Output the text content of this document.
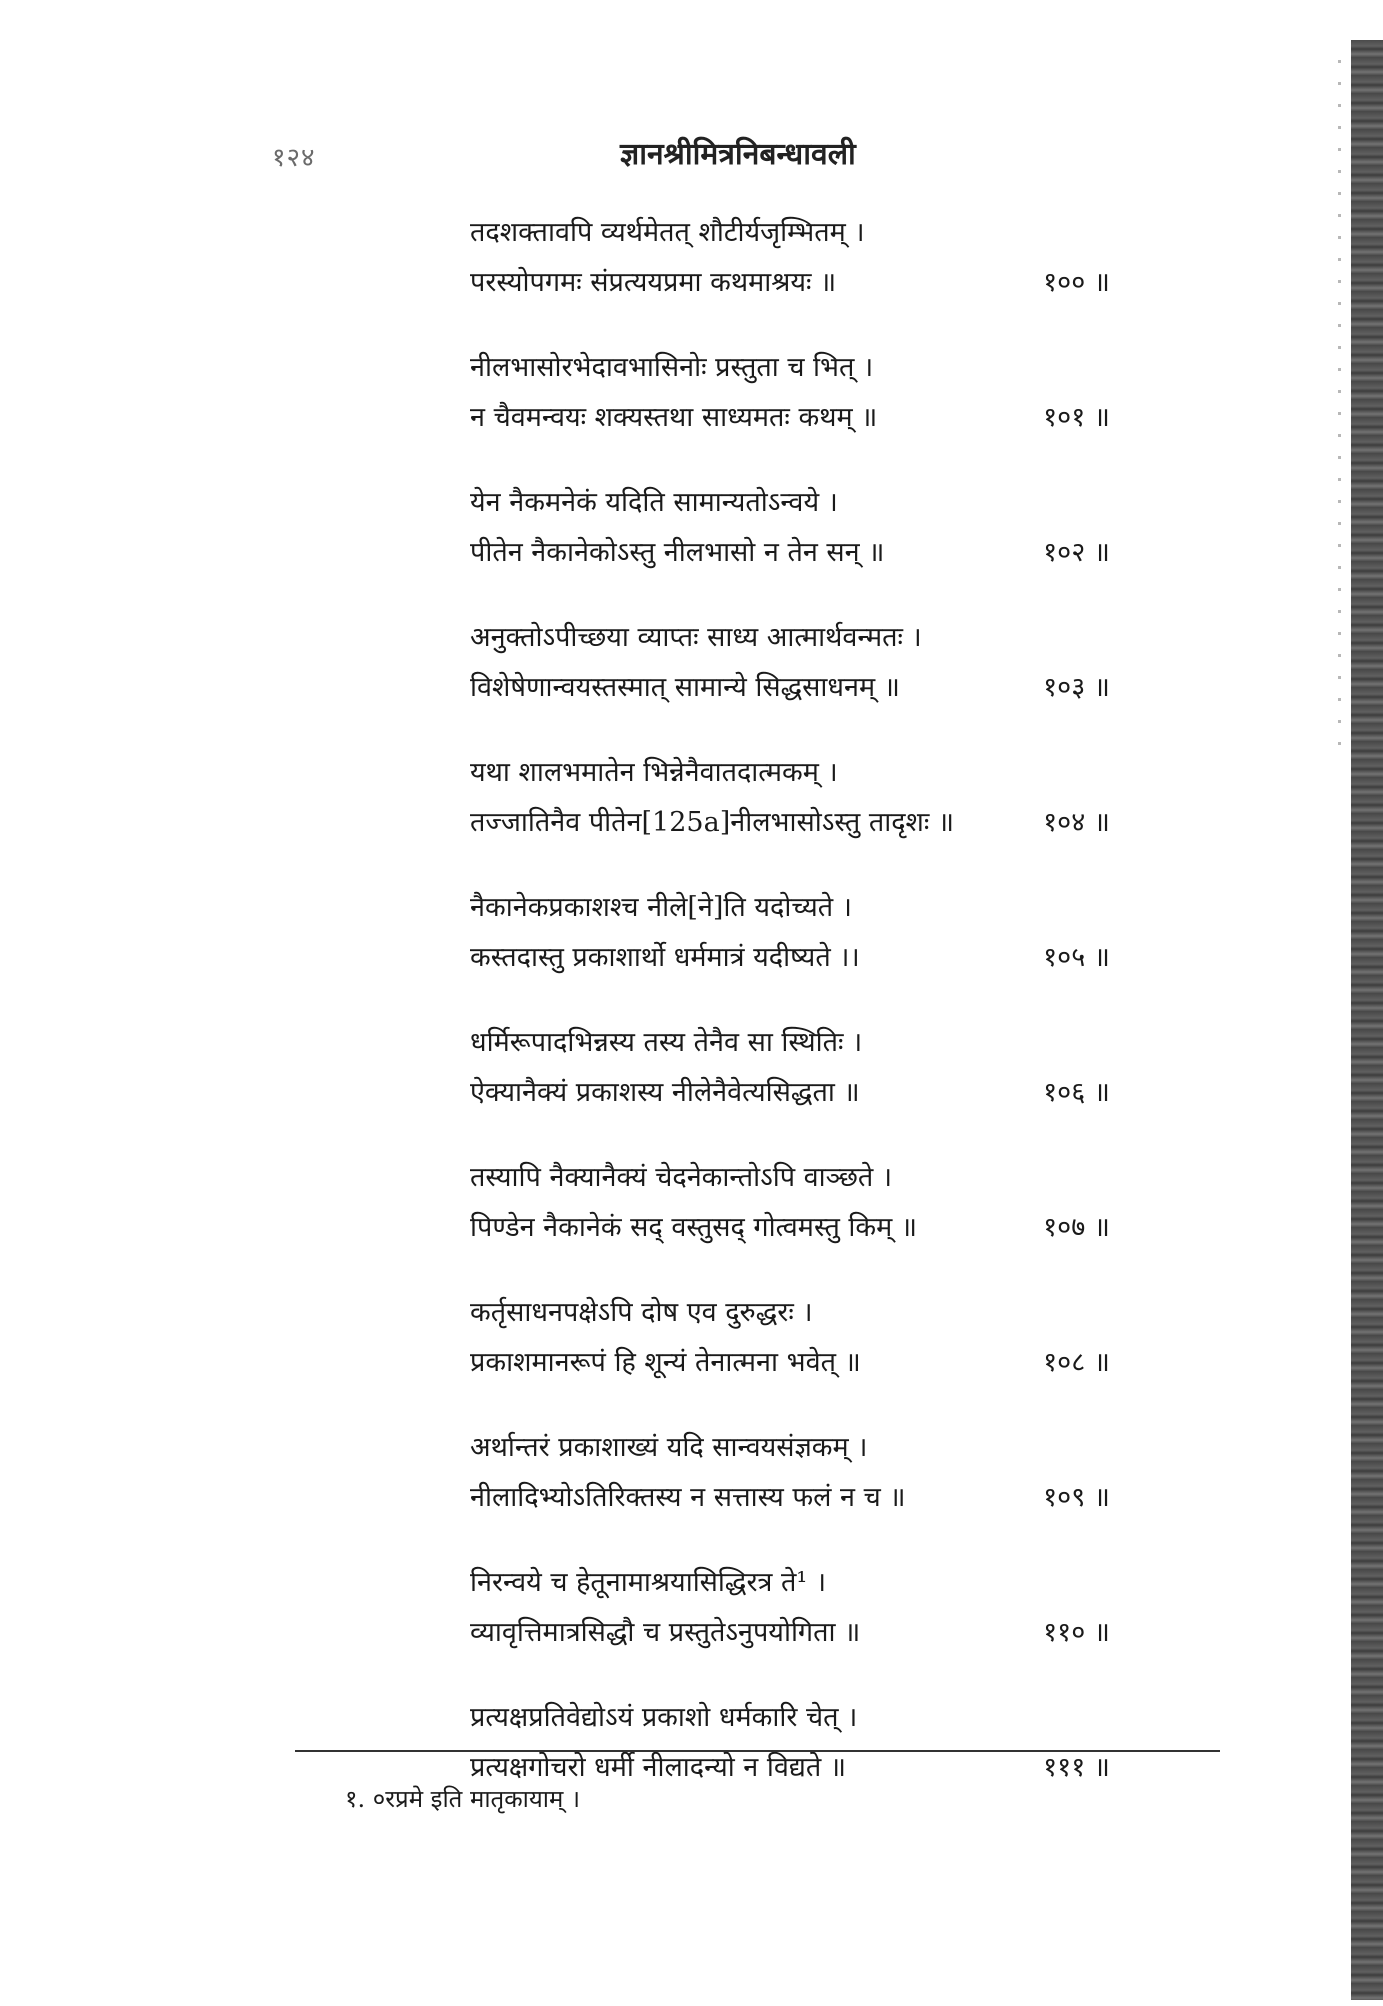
१२४	ज्ञानश्रीमित्रनिबन्धावली
तदशक्तावपि व्यर्थमेतत् शौटीर्यजृम्भितम् ।
परस्योपगमः संप्रत्ययप्रमा कथमाश्रयः ॥	१०० ॥
नीलभासोरभेदावभासिनोः प्रस्तुता च भित् ।
न चैवमन्वयः शक्यस्तथा साध्यमतः कथम् ॥	१०१ ॥
येन नैकमनेकं यदिति सामान्यतोऽन्वये ।
पीतेन नैकानेकोऽस्तु नीलभासो न तेन सन् ॥	१०२ ॥
अनुक्तोऽपीच्छया व्याप्तः साध्य आत्मार्थवन्मतः ।
विशेषेणान्वयस्तस्मात् सामान्ये सिद्धसाधनम् ॥	१०३ ॥
यथा शालभमातेन भिन्नेनैवातदात्मकम् ।
तज्जातिनैव पीतेन[125a]नीलभासोऽस्तु तादृशः ॥	१०४ ॥
नैकानेकप्रकाशश्च नीले[ने]ति यदोच्यते ।
कस्तदास्तु प्रकाशार्थो धर्ममात्रं यदीष्यते ।।	१०५ ॥
धर्मिरूपादभिन्नस्य तस्य तेनैव सा स्थितिः ।
ऐक्यानैक्यं प्रकाशस्य नीलेनैवेत्यसिद्धता ॥	१०६ ॥
तस्यापि नैक्यानैक्यं चेदनेकान्तोऽपि वाञ्छते ।
पिण्डेन नैकानेकं सद् वस्तुसद् गोत्वमस्तु किम् ॥	१०७ ॥
कर्तृसाधनपक्षेऽपि दोष एव दुरुद्धरः ।
प्रकाशमानरूपं हि शून्यं तेनात्मना भवेत् ॥	१०८ ॥
अर्थान्तरं प्रकाशाख्यं यदि सान्वयसंज्ञकम् ।
नीलादिभ्योऽतिरिक्तस्य न सत्तास्य फलं न च ॥	१०९ ॥
निरन्वये च हेतूनामाश्रयासिद्धिरत्र ते¹ ।
व्यावृत्तिमात्रसिद्धौ च प्रस्तुतेऽनुपयोगिता ॥	११० ॥
प्रत्यक्षप्रतिवेद्योऽयं प्रकाशो धर्मकारि चेत् ।
प्रत्यक्षगोचरो धर्मी नीलादन्यो न विद्यते ॥	१११ ॥
१. ०रप्रमे इति मातृकायाम् ।
